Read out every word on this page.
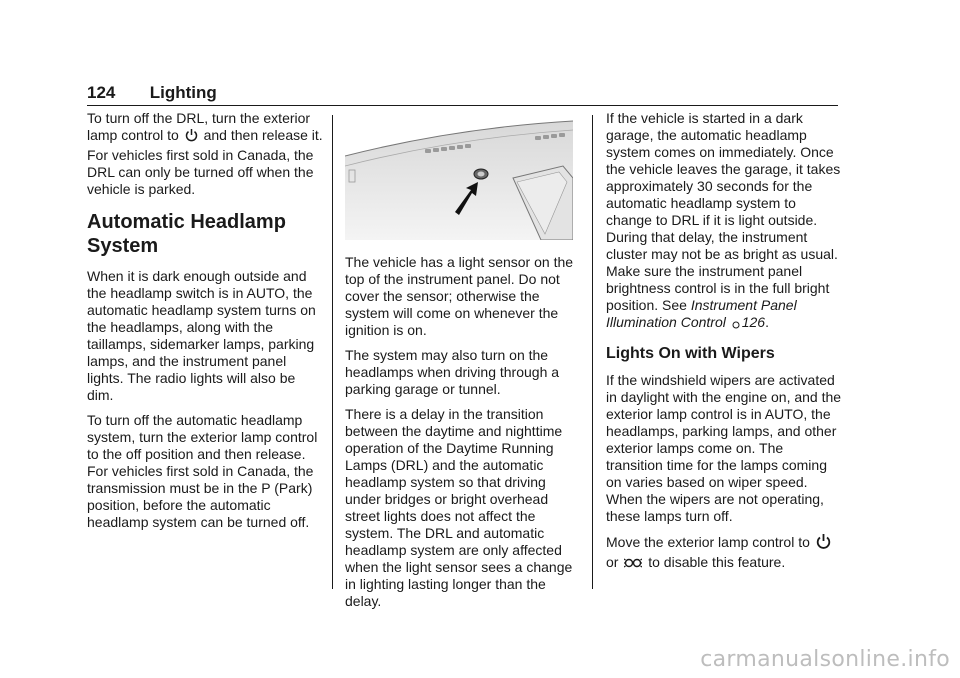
124 Lighting

To turn off the DRL, turn the exterior lamp control to and then release it. For vehicles first sold in Canada, the DRL can only be turned off when the vehicle is parked.

Automatic Headlamp
System

When it is dark enough outside and the headlamp switch is in AUTO, the automatic headlamp system turns on the headlamps, along with the taillamps, sidemarker lamps, parking lamps, and the instrument panel lights. The radio lights will also be dim.

To turn off the automatic headlamp system, turn the exterior lamp control to the off position and then release. For vehicles first sold in Canada, the transmission must be in the P (Park) position, before the automatic headlamp system can be turned off.

The vehicle has a light sensor on the top of the instrument panel. Do not cover the sensor; otherwise the system will come on whenever the ignition is on.

The system may also turn on the headlamps when driving through a parking garage or tunnel.

There is a delay in the transition between the daytime and nighttime operation of the Daytime Running Lamps (DRL) and the automatic headlamp system so that driving under bridges or bright overhead street lights does not affect the system. The DRL and automatic headlamp system are only affected when the light sensor sees a change in lighting lasting longer than the delay.

If the vehicle is started in a dark garage, the automatic headlamp system comes on immediately. Once the vehicle leaves the garage, it takes approximately 30 seconds for the automatic headlamp system to change to DRL if it is light outside. During that delay, the instrument cluster may not be as bright as usual. Make sure the instrument panel brightness control is in the full bright position. See Instrument Panel Illumination Control 126.

Lights On with Wipers

If the windshield wipers are activated in daylight with the engine on, and the exterior lamp control is in AUTO, the headlamps, parking lamps, and other exterior lamps come on. The transition time for the lamps coming on varies based on wiper speed. When the wipers are not operating, these lamps turn off.

Move the exterior lamp control to
or to disable this feature.

carmanualsonline.info
